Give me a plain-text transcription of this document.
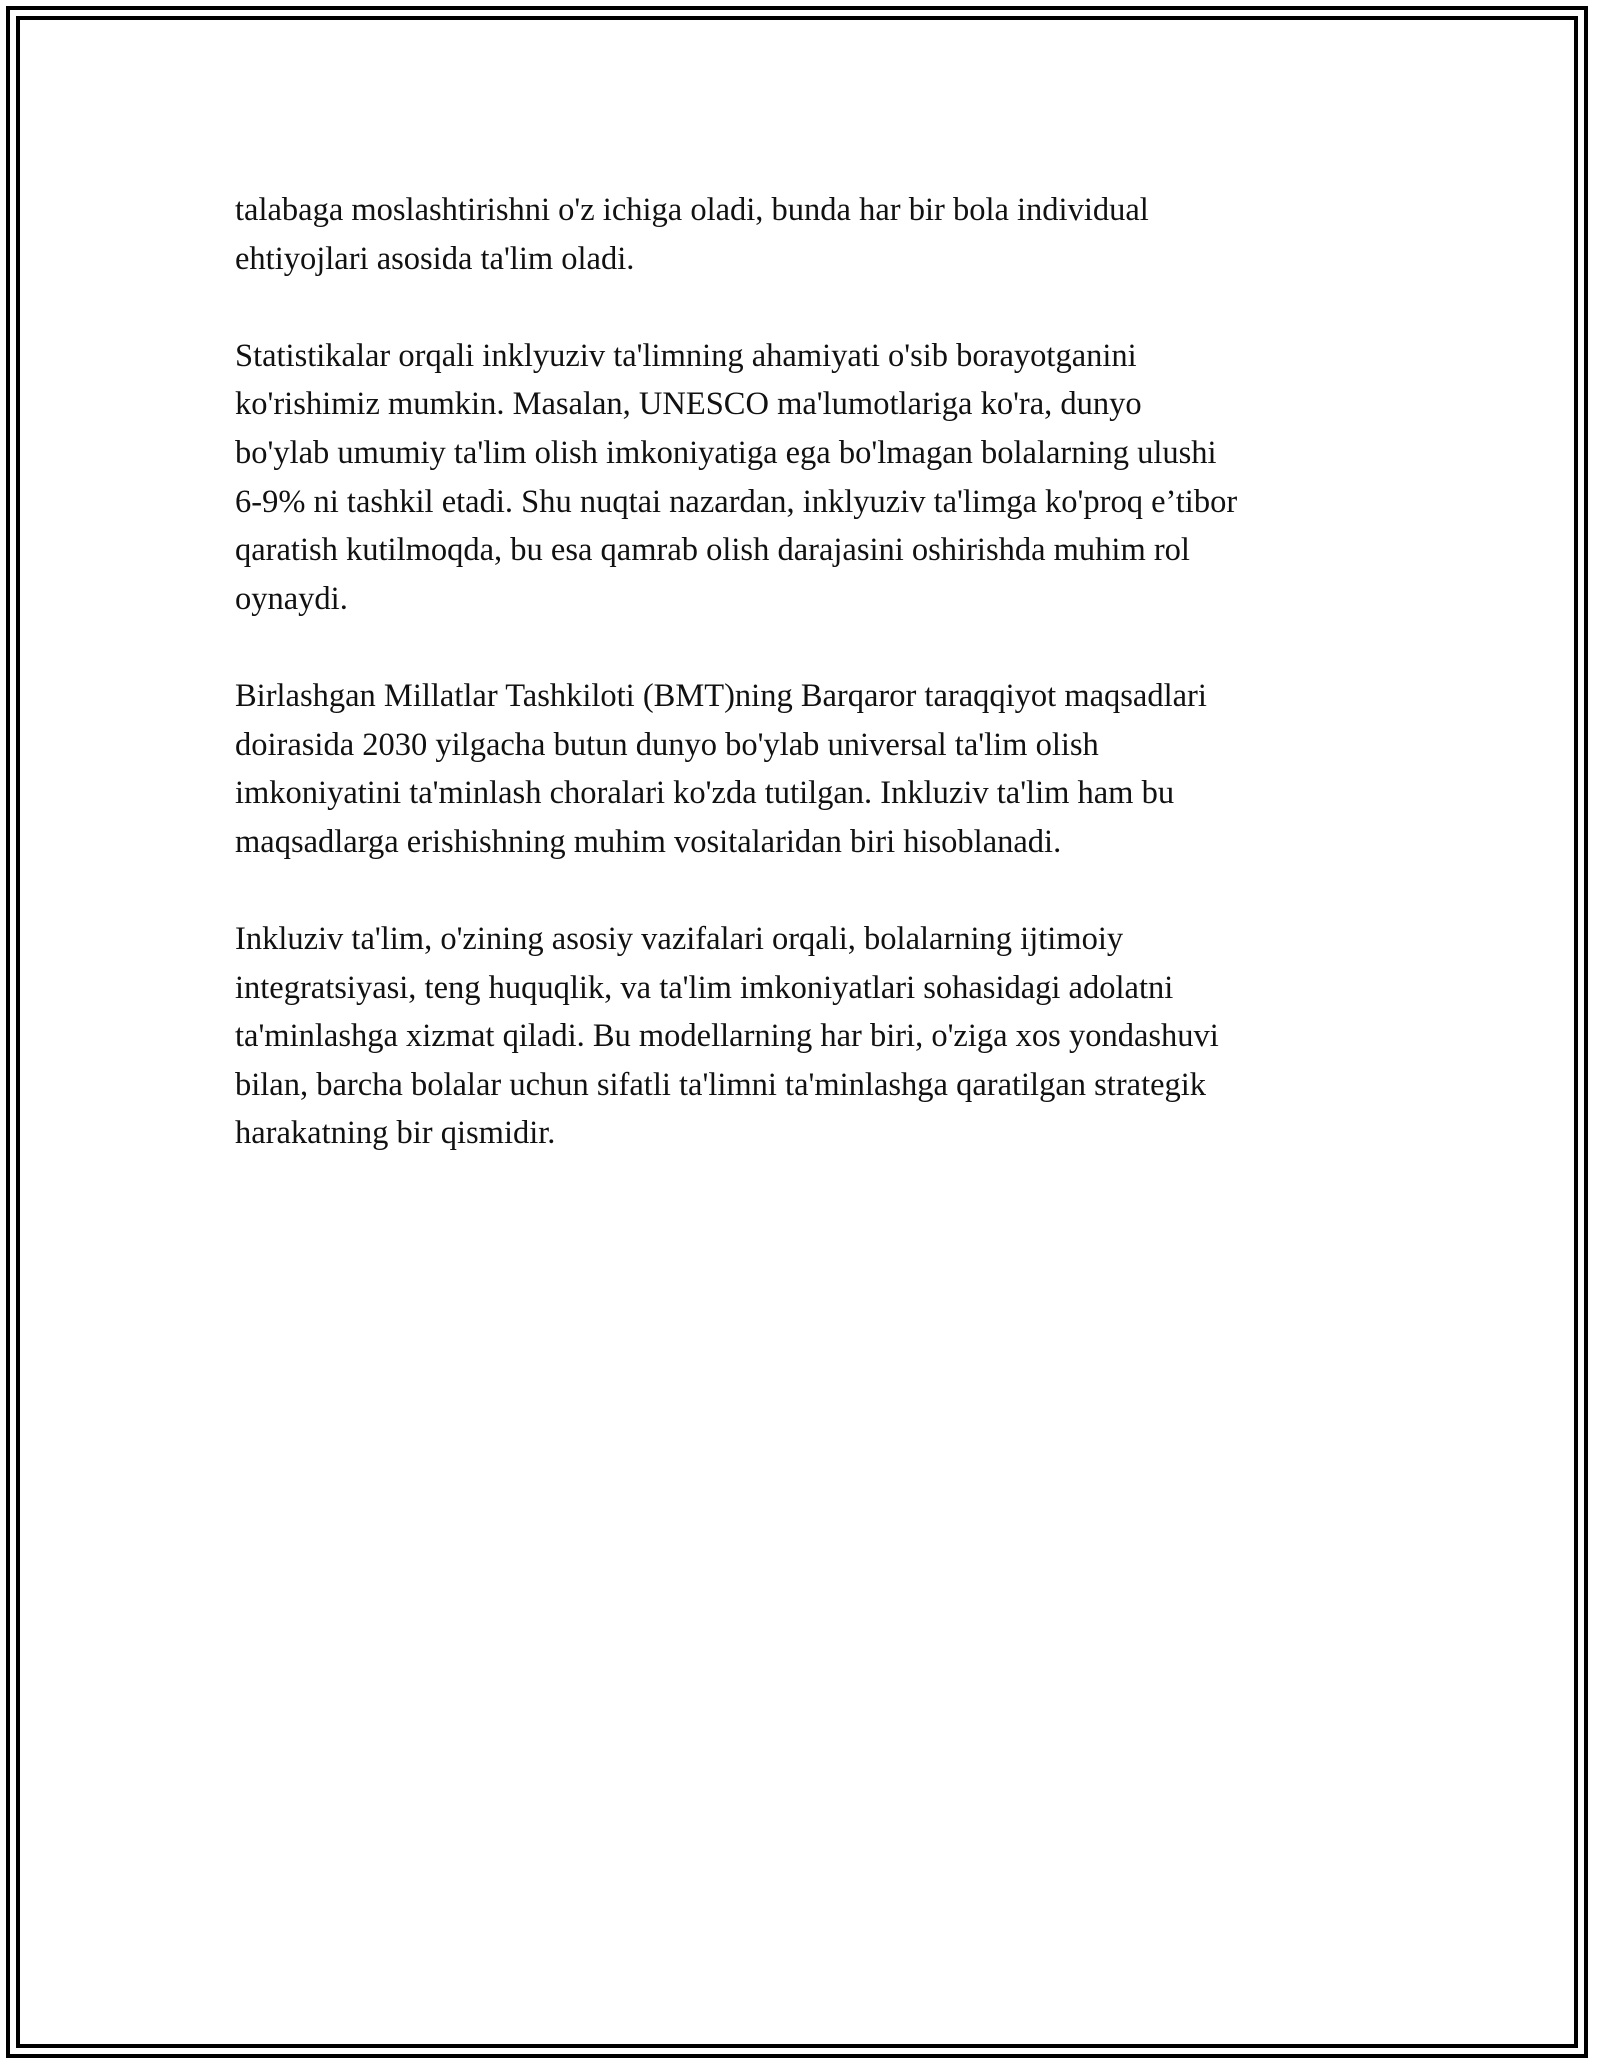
talabaga moslashtirishni o'z ichiga oladi, bunda har bir bola individual
ehtiyojlari asosida ta'lim oladi.

Statistikalar orqali inklyuziv ta'limning ahamiyati o'sib borayotganini
ko'rishimiz mumkin. Masalan, UNESCO ma'lumotlariga ko'ra, dunyo
bo'ylab umumiy ta'lim olish imkoniyatiga ega bo'lmagan bolalarning ulushi
6-9% ni tashkil etadi. Shu nuqtai nazardan, inklyuziv ta'limga ko'proq e’tibor
qaratish kutilmoqda, bu esa qamrab olish darajasini oshirishda muhim rol
oynaydi.

Birlashgan Millatlar Tashkiloti (BMT)ning Barqaror taraqqiyot maqsadlari
doirasida 2030 yilgacha butun dunyo bo'ylab universal ta'lim olish
imkoniyatini ta'minlash choralari ko'zda tutilgan. Inkluziv ta'lim ham bu
maqsadlarga erishishning muhim vositalaridan biri hisoblanadi.

Inkluziv ta'lim, o'zining asosiy vazifalari orqali, bolalarning ijtimoiy
integratsiyasi, teng huquqlik, va ta'lim imkoniyatlari sohasidagi adolatni
ta'minlashga xizmat qiladi. Bu modellarning har biri, o'ziga xos yondashuvi
bilan, barcha bolalar uchun sifatli ta'limni ta'minlashga qaratilgan strategik
harakatning bir qismidir.
